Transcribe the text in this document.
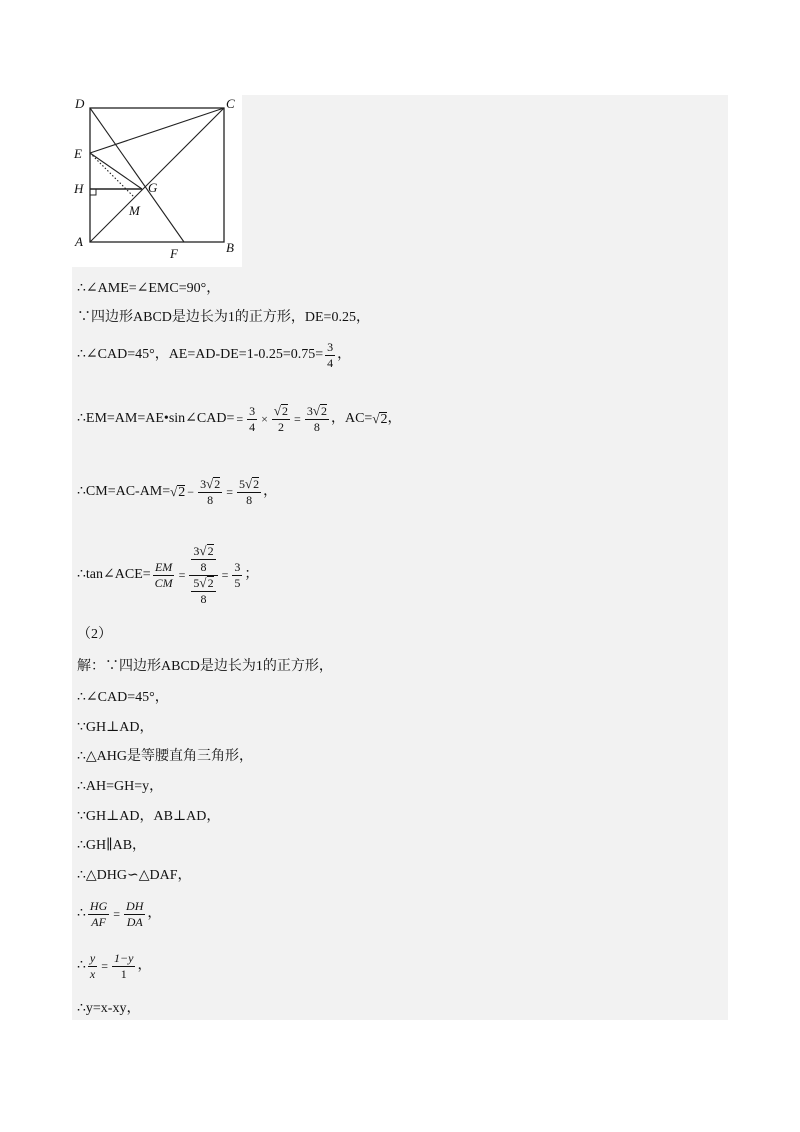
D	C
E
H	G
M
A
F	B
∴∠AME=∠EMC=90°，
∵四边形ABCD是边长为1的正方形，DE=0.25，
∴∠CAD=45°，$AE=AD-DE=1-0.25=0.75= \frac{3}{4}$ ，
∴EM=AM=AE•sin∠CAD= = $\frac{3}{4} \times \frac{√ 2}{2} = \frac{3 √ 2}{8}$ ，AC= √ 2 ，
∴CM=AC-AM= √ $2 - \frac{3 √ 2}{8} = \frac{5 √ 2}{8}$ ，
∴tan∠ACE= $\frac{EM}{CM} = \frac{\frac{3 √ 2}{8}}{\frac{5 √ 2}{8}} = \frac{3}{5}$ ；
（2）
解：∵四边形ABCD是边长为1的正方形，
∴∠CAD=45°，
∵GH⊥AD，
∴△AHG是等腰直角三角形，
∴AH=GH=y，
∵GH⊥AD，AB⊥AD，
∴GH∥AB，
∴△DHG∽△DAF，
∴ $\frac{HG}{AF} = \frac{DH}{DA}$ ，
∴ $\frac{y}{x} = \frac{1-y}{1}$ ，
∴y=x-xy，
